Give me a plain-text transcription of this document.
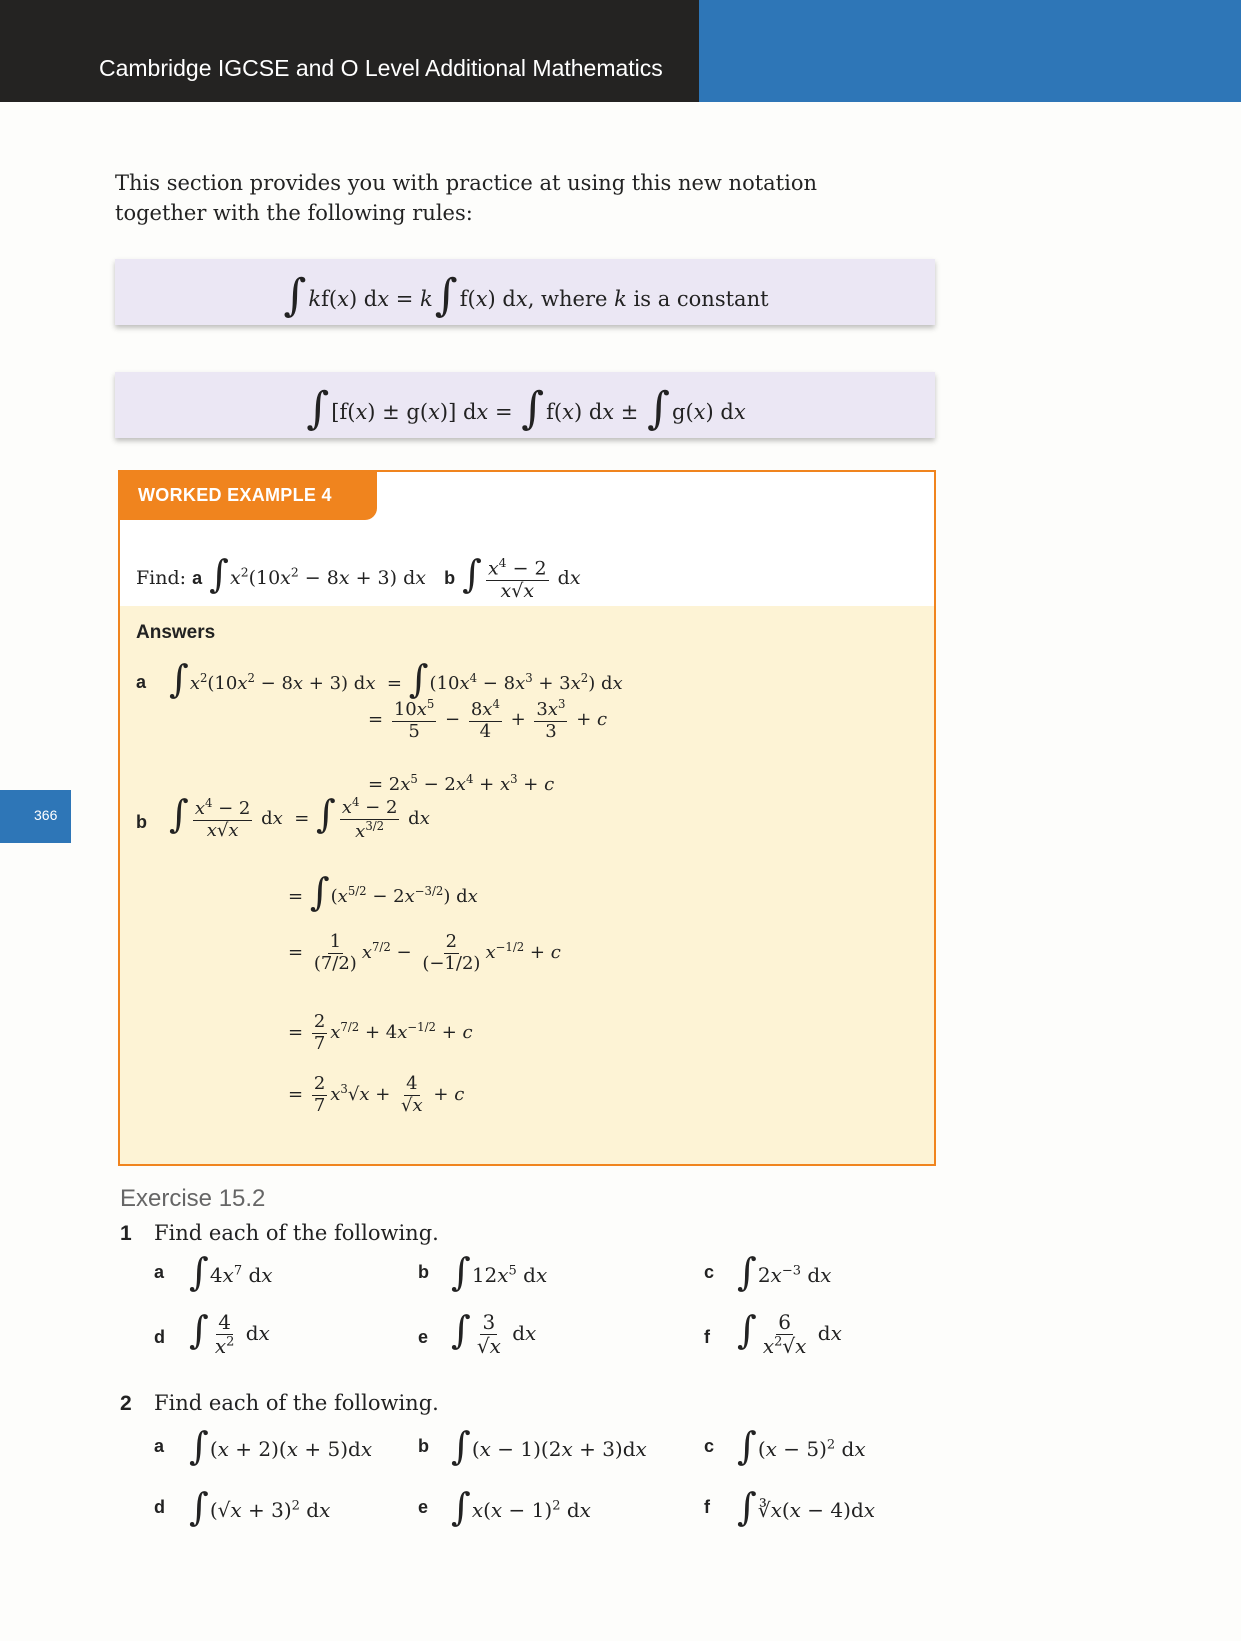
Cambridge IGCSE and O Level Additional Mathematics
This section provides you with practice at using this new notation together with the following rules:
∫kf(x) dx = k∫f(x) dx, where k is a constant
∫[f(x) ± g(x)] dx = ∫f(x) dx ± ∫g(x) dx
WORKED EXAMPLE 4
Find: a $\int x^2(10x^2 - 8x + 3)$ dx b ∫ $\frac{x^4 - 2}{x√x}$ dx
Answers
a $\int x^2(10x^2 - 8x + 3)$ dx  = $\int(10x^4 - 8x^3 + 3x^2)$ dx
= $\frac{10x^5}{5} - \frac{8x^4}{4} + \frac{3x^3}{3} + c$
= $2x^5 - 2x^4 + x^3 + c$
b ∫ $\frac{x^4 - 2}{x√x}$ dx  = ∫ $\frac{x^4 - 2}{x^{3/2}}$ dx
= $\int(x^{5/2} - 2x^{-3/2})$ dx
= $\frac{1}{(7/2)} x^{7/2} - \frac{2}{(-1/2)} x^{-1/2} + c$
= $\frac{2}{7} x^{7/2} + 4x^{-1/2} + c$
= $\frac{2}{7} x^3√x + \frac{4}{√x} + c$
366
Exercise 15.2
1 Find each of the following.
a $\int 4x^7$ dx	b $\int 12x^5$ dx	c $\int 2x^{-3}$ dx
d ∫ $\frac{4}{x^2}$ dx	e ∫ $\frac{3}{√x}$ dx	f ∫ $\frac{6}{x^2√x}$ dx
2 Find each of the following.
a ∫(x + 2)(x + 5)dx	b ∫(x − 1)(2x + 3)dx	c $\int(x - 5)^2$ dx
d $\int(√x + 3)^2$ dx	e $\int x(x - 1)^2$ dx	f ∫∛x(x − 4)dx
